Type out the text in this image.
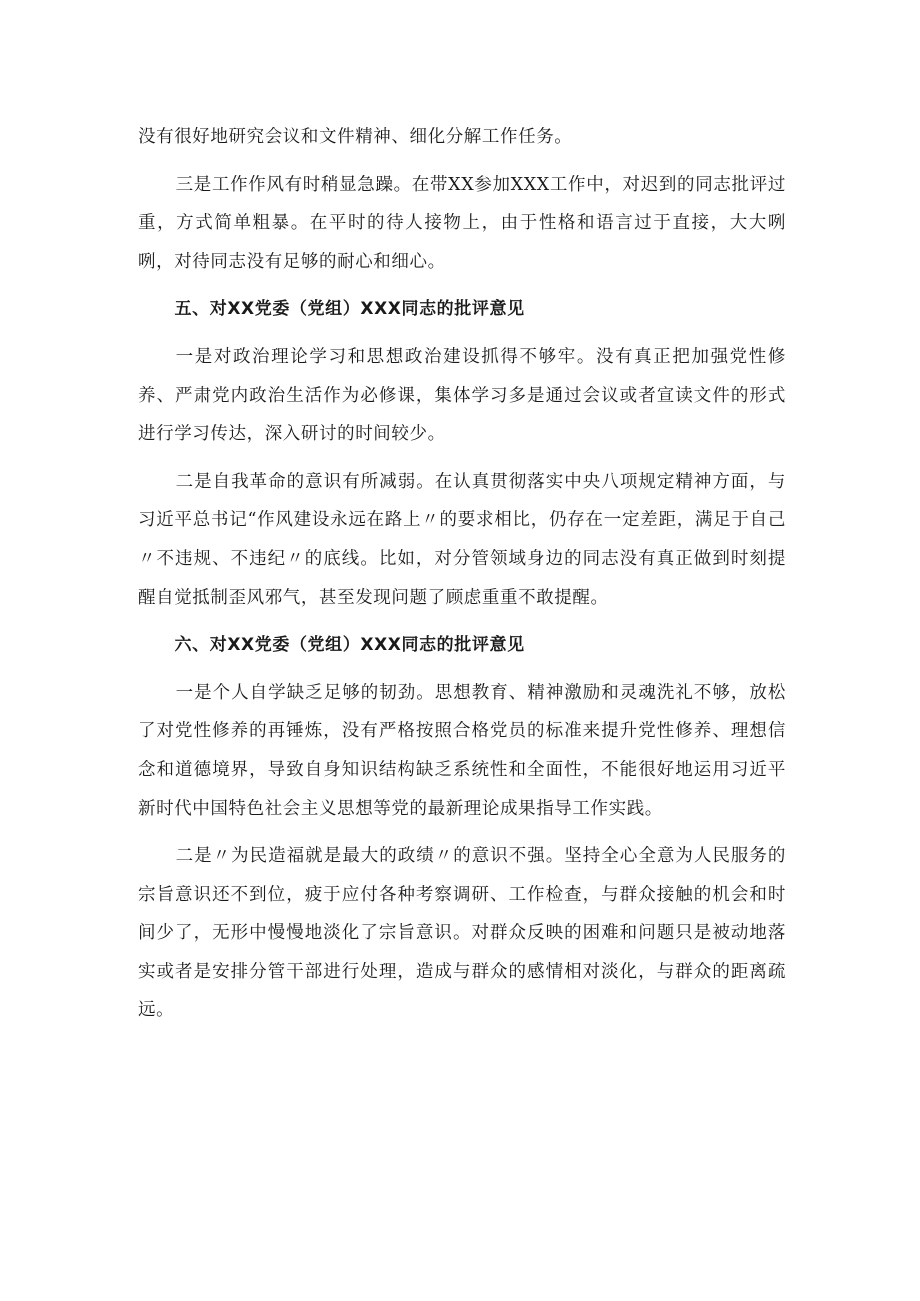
没有很好地研究会议和文件精神、细化分解工作任务。

三是工作作风有时稍显急躁。在带XX参加XXX工作中，对迟到的同志批评过重，方式简单粗暴。在平时的待人接物上，由于性格和语言过于直接，大大咧咧，对待同志没有足够的耐心和细心。

五、对XX党委（党组）XXX同志的批评意见

一是对政治理论学习和思想政治建设抓得不够牢。没有真正把加强党性修养、严肃党内政治生活作为必修课，集体学习多是通过会议或者宣读文件的形式进行学习传达，深入研讨的时间较少。

二是自我革命的意识有所减弱。在认真贯彻落实中央八项规定精神方面，与习近平总书记“作风建设永远在路上〃的要求相比，仍存在一定差距，满足于自己〃不违规、不违纪〃的底线。比如，对分管领域身边的同志没有真正做到时刻提醒自觉抵制歪风邪气，甚至发现问题了顾虑重重不敢提醒。

六、对XX党委（党组）XXX同志的批评意见

一是个人自学缺乏足够的韧劲。思想教育、精神激励和灵魂洗礼不够，放松了对党性修养的再锤炼，没有严格按照合格党员的标准来提升党性修养、理想信念和道德境界，导致自身知识结构缺乏系统性和全面性，不能很好地运用习近平新时代中国特色社会主义思想等党的最新理论成果指导工作实践。

二是〃为民造福就是最大的政绩〃的意识不强。坚持全心全意为人民服务的宗旨意识还不到位，疲于应付各种考察调研、工作检查，与群众接触的机会和时间少了，无形中慢慢地淡化了宗旨意识。对群众反映的困难和问题只是被动地落实或者是安排分管干部进行处理，造成与群众的感情相对淡化，与群众的距离疏远。
